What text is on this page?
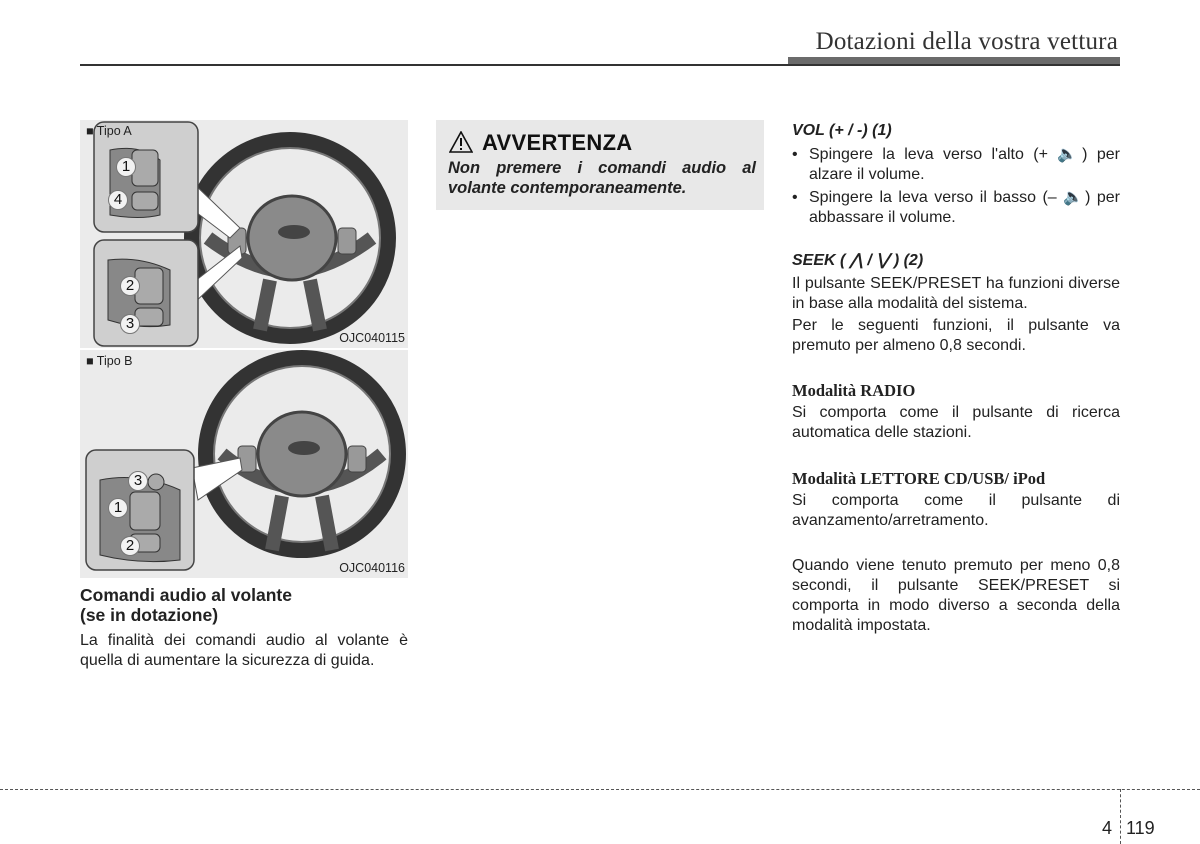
Dotazioni della vostra vettura
■ Tipo A
1
4
2
3
OJC040115
■ Tipo B
3
1
2
OJC040116
Comandi audio al volante
(se in dotazione)
La finalità dei comandi audio al volante è quella di aumentare la sicurezza di guida.
AVVERTENZA
Non premere i comandi audio al volante contemporaneamente.
VOL (+ / -) (1)
• Spingere la leva verso l'alto (+ 🔈) per alzare il volume.
• Spingere la leva verso il basso (– 🔈) per abbassare il volume.
SEEK ( ⋀ / ⋁ ) (2)
Il pulsante SEEK/PRESET ha funzioni diverse in base alla modalità del sistema.
Per le seguenti funzioni, il pulsante va premuto per almeno 0,8 secondi.
Modalità RADIO
Si comporta come il pulsante di ricerca automatica delle stazioni.
Modalità LETTORE CD/USB/ iPod
Si comporta come il pulsante di avanzamento/arretramento.
Quando viene tenuto premuto per meno 0,8 secondi, il pulsante SEEK/PRESET si comporta in modo diverso a seconda della modalità impostata.
4 119
